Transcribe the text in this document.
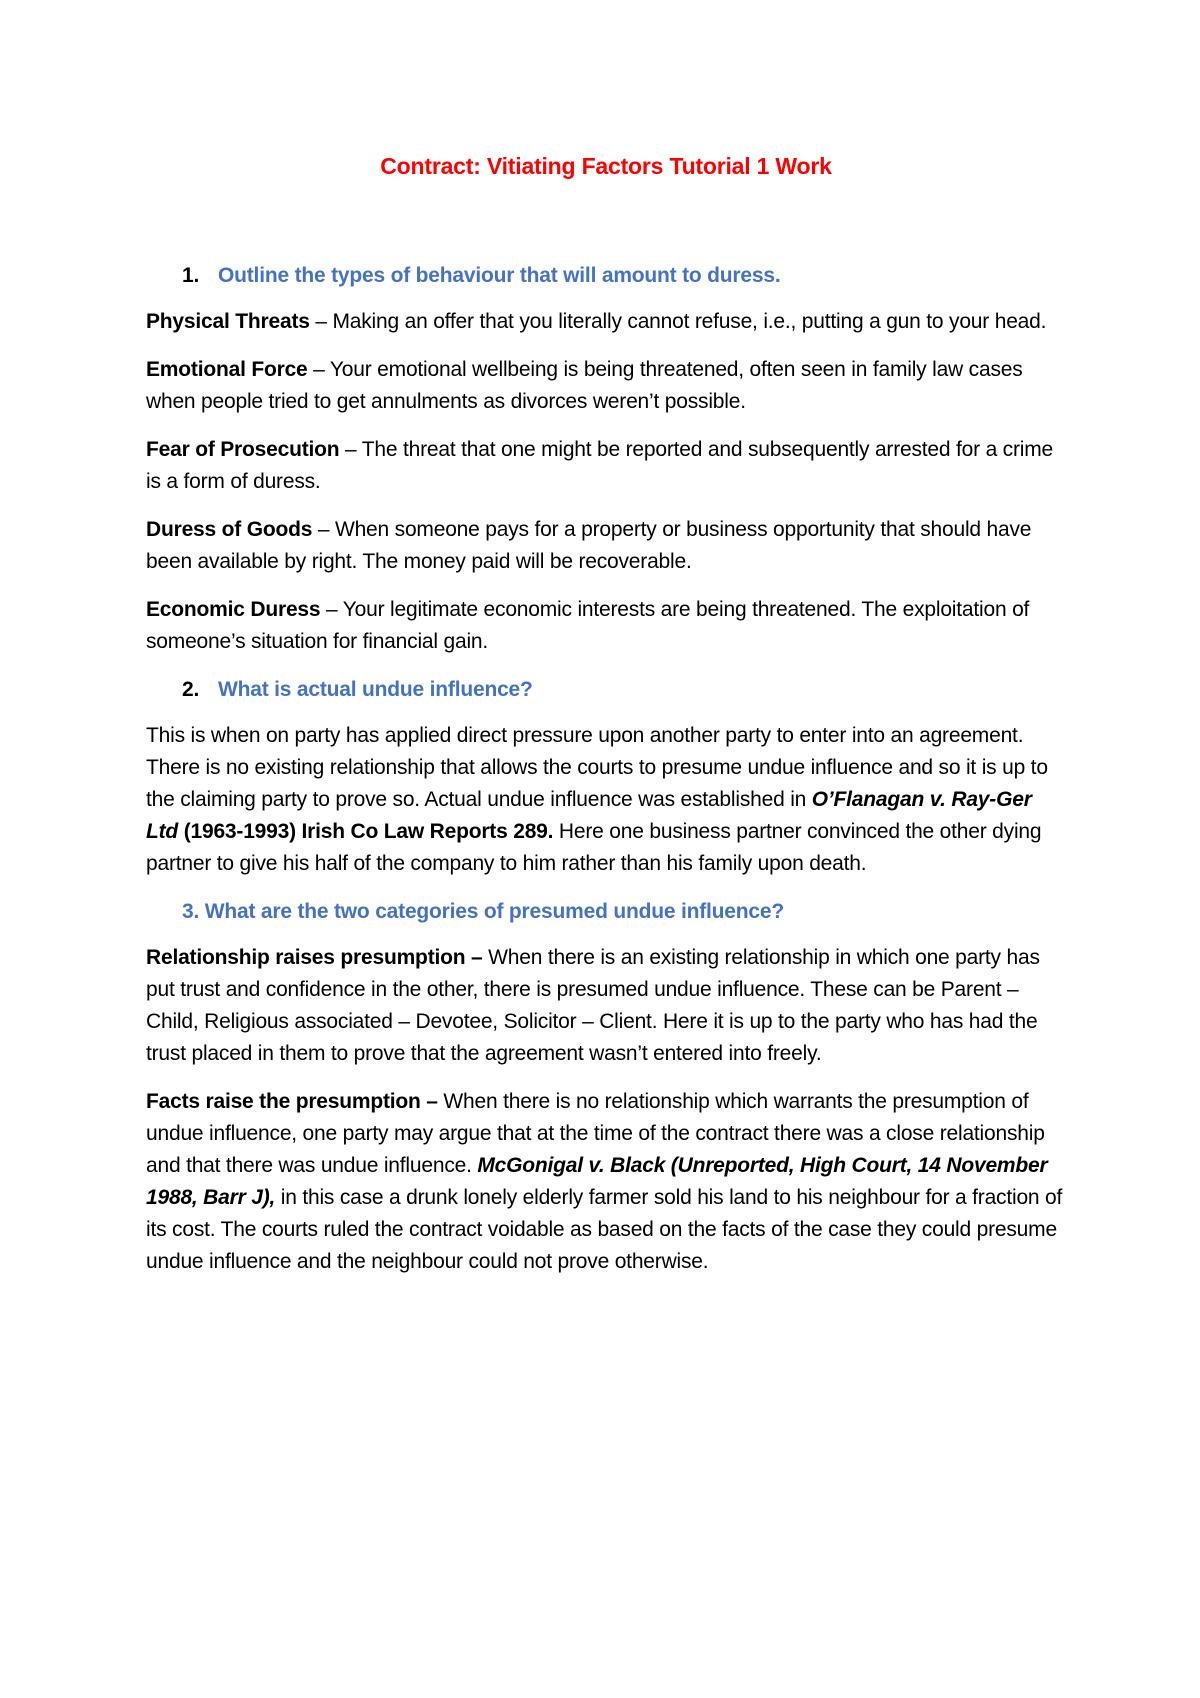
Contract: Vitiating Factors Tutorial 1 Work
1. Outline the types of behaviour that will amount to duress.

Physical Threats – Making an offer that you literally cannot refuse, i.e., putting a gun to your head.

Emotional Force – Your emotional wellbeing is being threatened, often seen in family law cases when people tried to get annulments as divorces weren’t possible.

Fear of Prosecution – The threat that one might be reported and subsequently arrested for a crime is a form of duress.

Duress of Goods – When someone pays for a property or business opportunity that should have been available by right. The money paid will be recoverable.

Economic Duress – Your legitimate economic interests are being threatened. The exploitation of someone’s situation for financial gain.

2. What is actual undue influence?

This is when on party has applied direct pressure upon another party to enter into an agreement. There is no existing relationship that allows the courts to presume undue influence and so it is up to the claiming party to prove so. Actual undue influence was established in O’Flanagan v. Ray-Ger Ltd (1963-1993) Irish Co Law Reports 289. Here one business partner convinced the other dying partner to give his half of the company to him rather than his family upon death.

3. What are the two categories of presumed undue influence?

Relationship raises presumption – When there is an existing relationship in which one party has put trust and confidence in the other, there is presumed undue influence. These can be Parent – Child, Religious associated – Devotee, Solicitor – Client. Here it is up to the party who has had the trust placed in them to prove that the agreement wasn’t entered into freely.

Facts raise the presumption – When there is no relationship which warrants the presumption of undue influence, one party may argue that at the time of the contract there was a close relationship and that there was undue influence. McGonigal v. Black (Unreported, High Court, 14 November 1988, Barr J), in this case a drunk lonely elderly farmer sold his land to his neighbour for a fraction of its cost. The courts ruled the contract voidable as based on the facts of the case they could presume undue influence and the neighbour could not prove otherwise.
